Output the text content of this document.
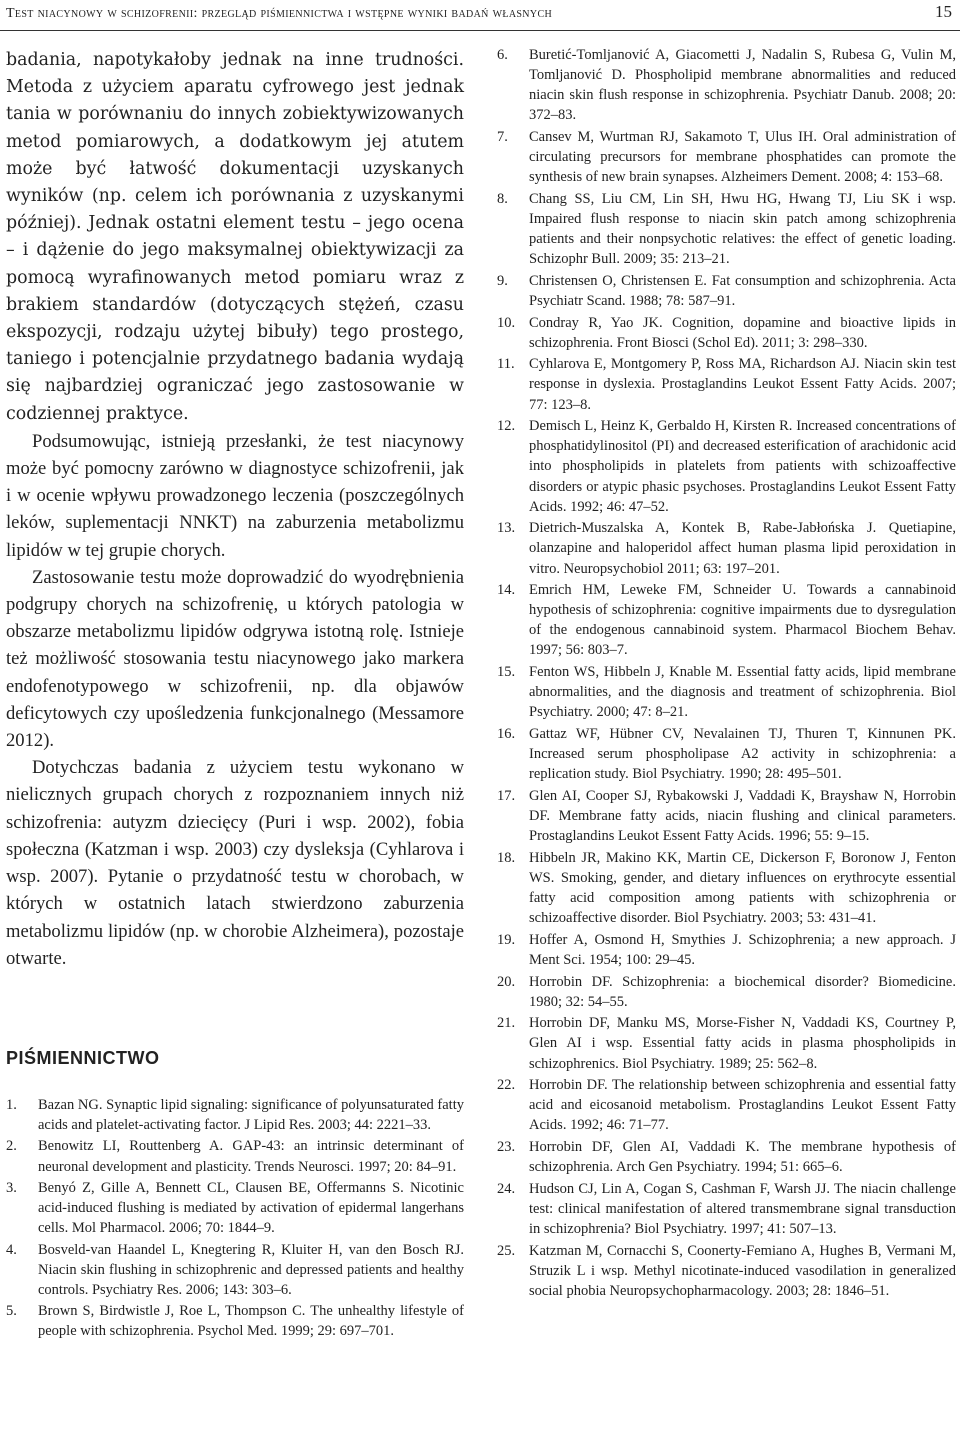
Test niacynowy w schizofrenii: przegląd piśmiennictwa i wstępne wyniki badań własnych	15

badania, napotykałoby jednak na inne trudności. Metoda z użyciem aparatu cyfrowego jest jednak tania w porównaniu do innych zobiektywizowanych metod pomiarowych, a dodatkowym jej atutem może być łatwość dokumentacji uzyskanych wyników (np. celem ich porównania z uzyskanymi później). Jednak ostatni element testu – jego ocena – i dążenie do jego maksymalnej obiektywizacji za pomocą wyrafinowanych metod pomiaru wraz z brakiem standardów (dotyczących stężeń, czasu ekspozycji, rodzaju użytej bibuły) tego prostego, taniego i potencjalnie przydatnego badania wydają się najbardziej ograniczać jego zastosowanie w codziennej praktyce.

Podsumowując, istnieją przesłanki, że test niacynowy może być pomocny zarówno w diagnostyce schizofrenii, jak i w ocenie wpływu prowadzonego leczenia (poszczególnych leków, suplementacji NNKT) na zaburzenia metabolizmu lipidów w tej grupie chorych.

Zastosowanie testu może doprowadzić do wyodrębnienia podgrupy chorych na schizofrenię, u których patologia w obszarze metabolizmu lipidów odgrywa istotną rolę. Istnieje też możliwość stosowania testu niacynowego jako markera endofenotypowego w schizofrenii, np. dla objawów deficytowych czy upośledzenia funkcjonalnego (Messamore 2012).

Dotychczas badania z użyciem testu wykonano w nielicznych grupach chorych z rozpoznaniem innych niż schizofrenia: autyzm dziecięcy (Puri i wsp. 2002), fobia społeczna (Katzman i wsp. 2003) czy dysleksja (Cyhlarova i wsp. 2007). Pytanie o przydatność testu w chorobach, w których w ostatnich latach stwierdzono zaburzenia metabolizmu lipidów (np. w chorobie Alzheimera), pozostaje otwarte.

PIŚMIENNICTWO
1.	Bazan NG. Synaptic lipid signaling: significance of polyunsaturated fatty acids and platelet-activating factor. J Lipid Res. 2003; 44: 2221–33.
2.	Benowitz LI, Routtenberg A. GAP-43: an intrinsic determinant of neuronal development and plasticity. Trends Neurosci. 1997; 20: 84–91.
3.	Benyó Z, Gille A, Bennett CL, Clausen BE, Offermanns S. Nicotinic acid-induced flushing is mediated by activation of epidermal langerhans cells. Mol Pharmacol. 2006; 70: 1844–9.
4.	Bosveld-van Haandel L, Knegtering R, Kluiter H, van den Bosch RJ. Niacin skin flushing in schizophrenic and depressed patients and healthy controls. Psychiatry Res. 2006; 143: 303–6.
5.	Brown S, Birdwistle J, Roe L, Thompson C. The unhealthy lifestyle of people with schizophrenia. Psychol Med. 1999; 29: 697–701.
6.	Buretić-Tomljanović A, Giacometti J, Nadalin S, Rubesa G, Vulin M, Tomljanović D. Phospholipid membrane abnormalities and reduced niacin skin flush response in schizophrenia. Psychiatr Danub. 2008; 20: 372–83.
7.	Cansev M, Wurtman RJ, Sakamoto T, Ulus IH. Oral administration of circulating precursors for membrane phosphatides can promote the synthesis of new brain synapses. Alzheimers Dement. 2008; 4: 153–68.
8.	Chang SS, Liu CM, Lin SH, Hwu HG, Hwang TJ, Liu SK i wsp. Impaired flush response to niacin skin patch among schizophrenia patients and their nonpsychotic relatives: the effect of genetic loading. Schizophr Bull. 2009; 35: 213–21.
9.	Christensen O, Christensen E. Fat consumption and schizophrenia. Acta Psychiatr Scand. 1988; 78: 587–91.
10. Condray R, Yao JK. Cognition, dopamine and bioactive lipids in schizophrenia. Front Biosci (Schol Ed). 2011; 3: 298–330.
11. Cyhlarova E, Montgomery P, Ross MA, Richardson AJ. Niacin skin test response in dyslexia. Prostaglandins Leukot Essent Fatty Acids. 2007; 77: 123–8.
12. Demisch L, Heinz K, Gerbaldo H, Kirsten R. Increased concentrations of phosphatidylinositol (PI) and decreased esterification of arachidonic acid into phospholipids in platelets from patients with schizoaffective disorders or atypic phasic psychoses. Prostaglandins Leukot Essent Fatty Acids. 1992; 46: 47–52.
13. Dietrich-Muszalska A, Kontek B, Rabe-Jabłońska J. Quetiapine, olanzapine and haloperidol affect human plasma lipid peroxidation in vitro. Neuropsychobiol 2011; 63: 197–201.
14. Emrich HM, Leweke FM, Schneider U. Towards a cannabinoid hypothesis of schizophrenia: cognitive impairments due to dysregulation of the endogenous cannabinoid system. Pharmacol Biochem Behav. 1997; 56: 803–7.
15. Fenton WS, Hibbeln J, Knable M. Essential fatty acids, lipid membrane abnormalities, and the diagnosis and treatment of schizophrenia. Biol Psychiatry. 2000; 47: 8–21.
16. Gattaz WF, Hübner CV, Nevalainen TJ, Thuren T, Kinnunen PK. Increased serum phospholipase A2 activity in schizophrenia: a replication study. Biol Psychiatry. 1990; 28: 495–501.
17. Glen AI, Cooper SJ, Rybakowski J, Vaddadi K, Brayshaw N, Horrobin DF. Membrane fatty acids, niacin flushing and clinical parameters. Prostaglandins Leukot Essent Fatty Acids. 1996; 55: 9–15.
18. Hibbeln JR, Makino KK, Martin CE, Dickerson F, Boronow J, Fenton WS. Smoking, gender, and dietary influences on erythrocyte essential fatty acid composition among patients with schizophrenia or schizoaffective disorder. Biol Psychiatry. 2003; 53: 431–41.
19. Hoffer A, Osmond H, Smythies J. Schizophrenia; a new approach. J Ment Sci. 1954; 100: 29–45.
20. Horrobin DF. Schizophrenia: a biochemical disorder? Biomedicine. 1980; 32: 54–55.
21. Horrobin DF, Manku MS, Morse-Fisher N, Vaddadi KS, Courtney P, Glen AI i wsp. Essential fatty acids in plasma phospholipids in schizophrenics. Biol Psychiatry. 1989; 25: 562–8.
22. Horrobin DF. The relationship between schizophrenia and essential fatty acid and eicosanoid metabolism. Prostaglandins Leukot Essent Fatty Acids. 1992; 46: 71–77.
23. Horrobin DF, Glen AI, Vaddadi K. The membrane hypothesis of schizophrenia. Arch Gen Psychiatry. 1994; 51: 665–6.
24. Hudson CJ, Lin A, Cogan S, Cashman F, Warsh JJ. The niacin challenge test: clinical manifestation of altered transmembrane signal transduction in schizophrenia? Biol Psychiatry. 1997; 41: 507–13.
25. Katzman M, Cornacchi S, Coonerty-Femiano A, Hughes B, Vermani M, Struzik L i wsp. Methyl nicotinate-induced vasodilation in generalized social phobia Neuropsychopharmacology. 2003; 28: 1846–51.
